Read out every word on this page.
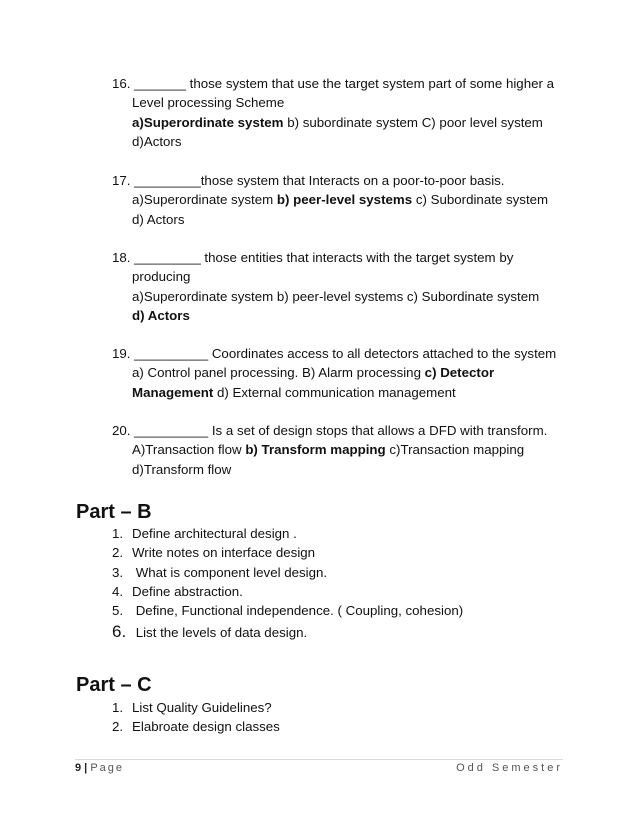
16. _______ those system that use the target system part of some higher a
Level processing Scheme
a)Superordinate system b) subordinate system C) poor level system
d)Actors
17. _________those system that Interacts on a poor-to-poor basis.
a)Superordinate system b) peer-level systems c) Subordinate system
d) Actors
18. _________ those entities that interacts with the target system by
producing
a)Superordinate system b) peer-level systems c) Subordinate system
d) Actors
19. __________ Coordinates access to all detectors attached to the system
a) Control panel processing. B) Alarm processing c) Detector
Management d) External communication management
20. __________ Is a set of design stops that allows a DFD with transform.
A)Transaction flow b) Transform mapping c)Transaction mapping
d)Transform flow
Part – B
1. Define architectural design .
2. Write notes on interface design
3. What is component level design.
4. Define abstraction.
5. Define, Functional independence. ( Coupling, cohesion)
6. List the levels of data design.
Part – C
1. List Quality Guidelines?
2. Elabroate design classes
9 | Page	Odd Semester
